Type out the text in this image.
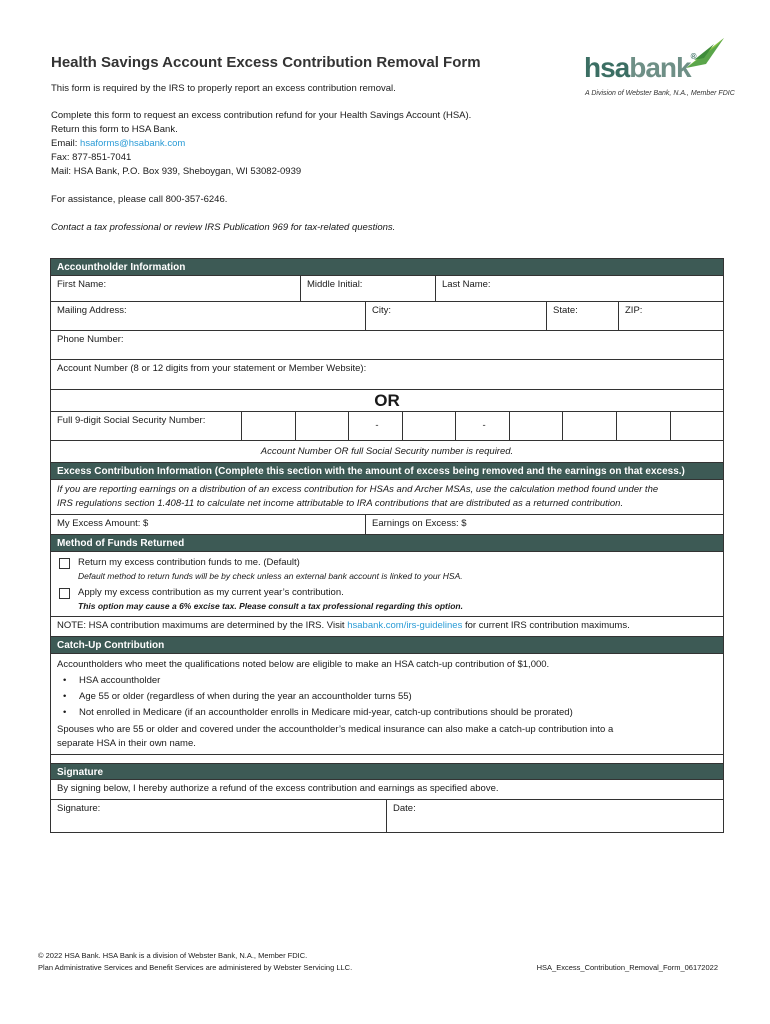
Health Savings Account Excess Contribution Removal Form
This form is required by the IRS to properly report an excess contribution removal.
Complete this form to request an excess contribution refund for your Health Savings Account (HSA).
Return this form to HSA Bank.
Email: hsaforms@hsabank.com
Fax: 877-851-7041
Mail: HSA Bank, P.O. Box 939, Sheboygan, WI 53082-0939
For assistance, please call 800-357-6246.
Contact a tax professional or review IRS Publication 969 for tax-related questions.
hsabank®
A Division of Webster Bank, N.A., Member FDIC
Accountholder Information
First Name:	Middle Initial:	Last Name:
Mailing Address:	City:	State:	ZIP:
Phone Number:
Account Number (8 or 12 digits from your statement or Member Website):
OR
Full 9-digit Social Security Number:	-	-
Account Number OR full Social Security number is required.
Excess Contribution Information (Complete this section with the amount of excess being removed and the earnings on that excess.)
If you are reporting earnings on a distribution of an excess contribution for HSAs and Archer MSAs, use the calculation method found under the
IRS regulations section 1.408-11 to calculate net income attributable to IRA contributions that are distributed as a returned contribution.
My Excess Amount: $	Earnings on Excess: $
Method of Funds Returned
Return my excess contribution funds to me. (Default)
Default method to return funds will be by check unless an external bank account is linked to your HSA.
Apply my excess contribution as my current year’s contribution.
This option may cause a 6% excise tax. Please consult a tax professional regarding this option.
NOTE: HSA contribution maximums are determined by the IRS. Visit hsabank.com/irs-guidelines for current IRS contribution maximums.
Catch-Up Contribution
Accountholders who meet the qualifications noted below are eligible to make an HSA catch-up contribution of $1,000.
•	HSA accountholder
•	Age 55 or older (regardless of when during the year an accountholder turns 55)
•	Not enrolled in Medicare (if an accountholder enrolls in Medicare mid-year, catch-up contributions should be prorated)
Spouses who are 55 or older and covered under the accountholder’s medical insurance can also make a catch-up contribution into a
separate HSA in their own name.
Signature
By signing below, I hereby authorize a refund of the excess contribution and earnings as specified above.
Signature:	Date:
© 2022 HSA Bank. HSA Bank is a division of Webster Bank, N.A., Member FDIC.
Plan Administrative Services and Benefit Services are administered by Webster Servicing LLC.	HSA_Excess_Contribution_Removal_Form_06172022
